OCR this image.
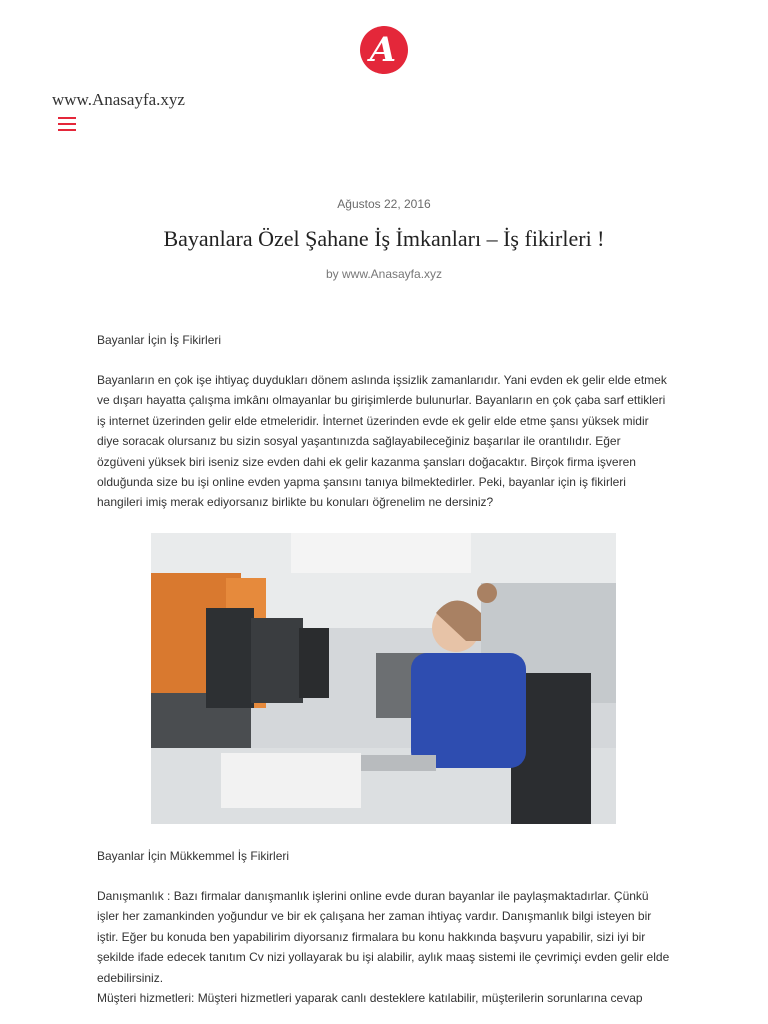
A
www.Anasayfa.xyz
Ağustos 22, 2016
Bayanlara Özel Şahane İş İmkanları – İş fikirleri !
by www.Anasayfa.xyz

Bayanlar İçin İş Fikirleri

Bayanların en çok işe ihtiyaç duydukları dönem aslında işsizlik zamanlarıdır. Yani evden ek gelir elde etmek ve dışarı hayatta çalışma imkânı olmayanlar bu girişimlerde bulunurlar. Bayanların en çok çaba sarf ettikleri iş internet üzerinden gelir elde etmeleridir. İnternet üzerinden evde ek gelir elde etme şansı yüksek midir diye soracak olursanız bu sizin sosyal yaşantınızda sağlayabileceğiniz başarılar ile orantılıdır. Eğer özgüveni yüksek biri iseniz size evden dahi ek gelir kazanma şansları doğacaktır. Birçok firma işveren olduğunda size bu işi online evden yapma şansını tanıya bilmektedirler. Peki, bayanlar için iş fikirleri hangileri imiş merak ediyorsanız birlikte bu konuları öğrenelim ne dersiniz?

Bayanlar İçin Mükkemmel İş Fikirleri

Danışmanlık : Bazı firmalar danışmanlık işlerini online evde duran bayanlar ile paylaşmaktadırlar. Çünkü işler her zamankinden yoğundur ve bir ek çalışana her zaman ihtiyaç vardır. Danışmanlık bilgi isteyen bir iştir. Eğer bu konuda ben yapabilirim diyorsanız firmalara bu konu hakkında başvuru yapabilir, sizi iyi bir şekilde ifade edecek tanıtım Cv nizi yollayarak bu işi alabilir, aylık maaş sistemi ile çevrimiçi evden gelir elde edebilirsiniz.

Müşteri hizmetleri: Müşteri hizmetleri yaparak canlı desteklere katılabilir, müşterilerin sorunlarına cevap
